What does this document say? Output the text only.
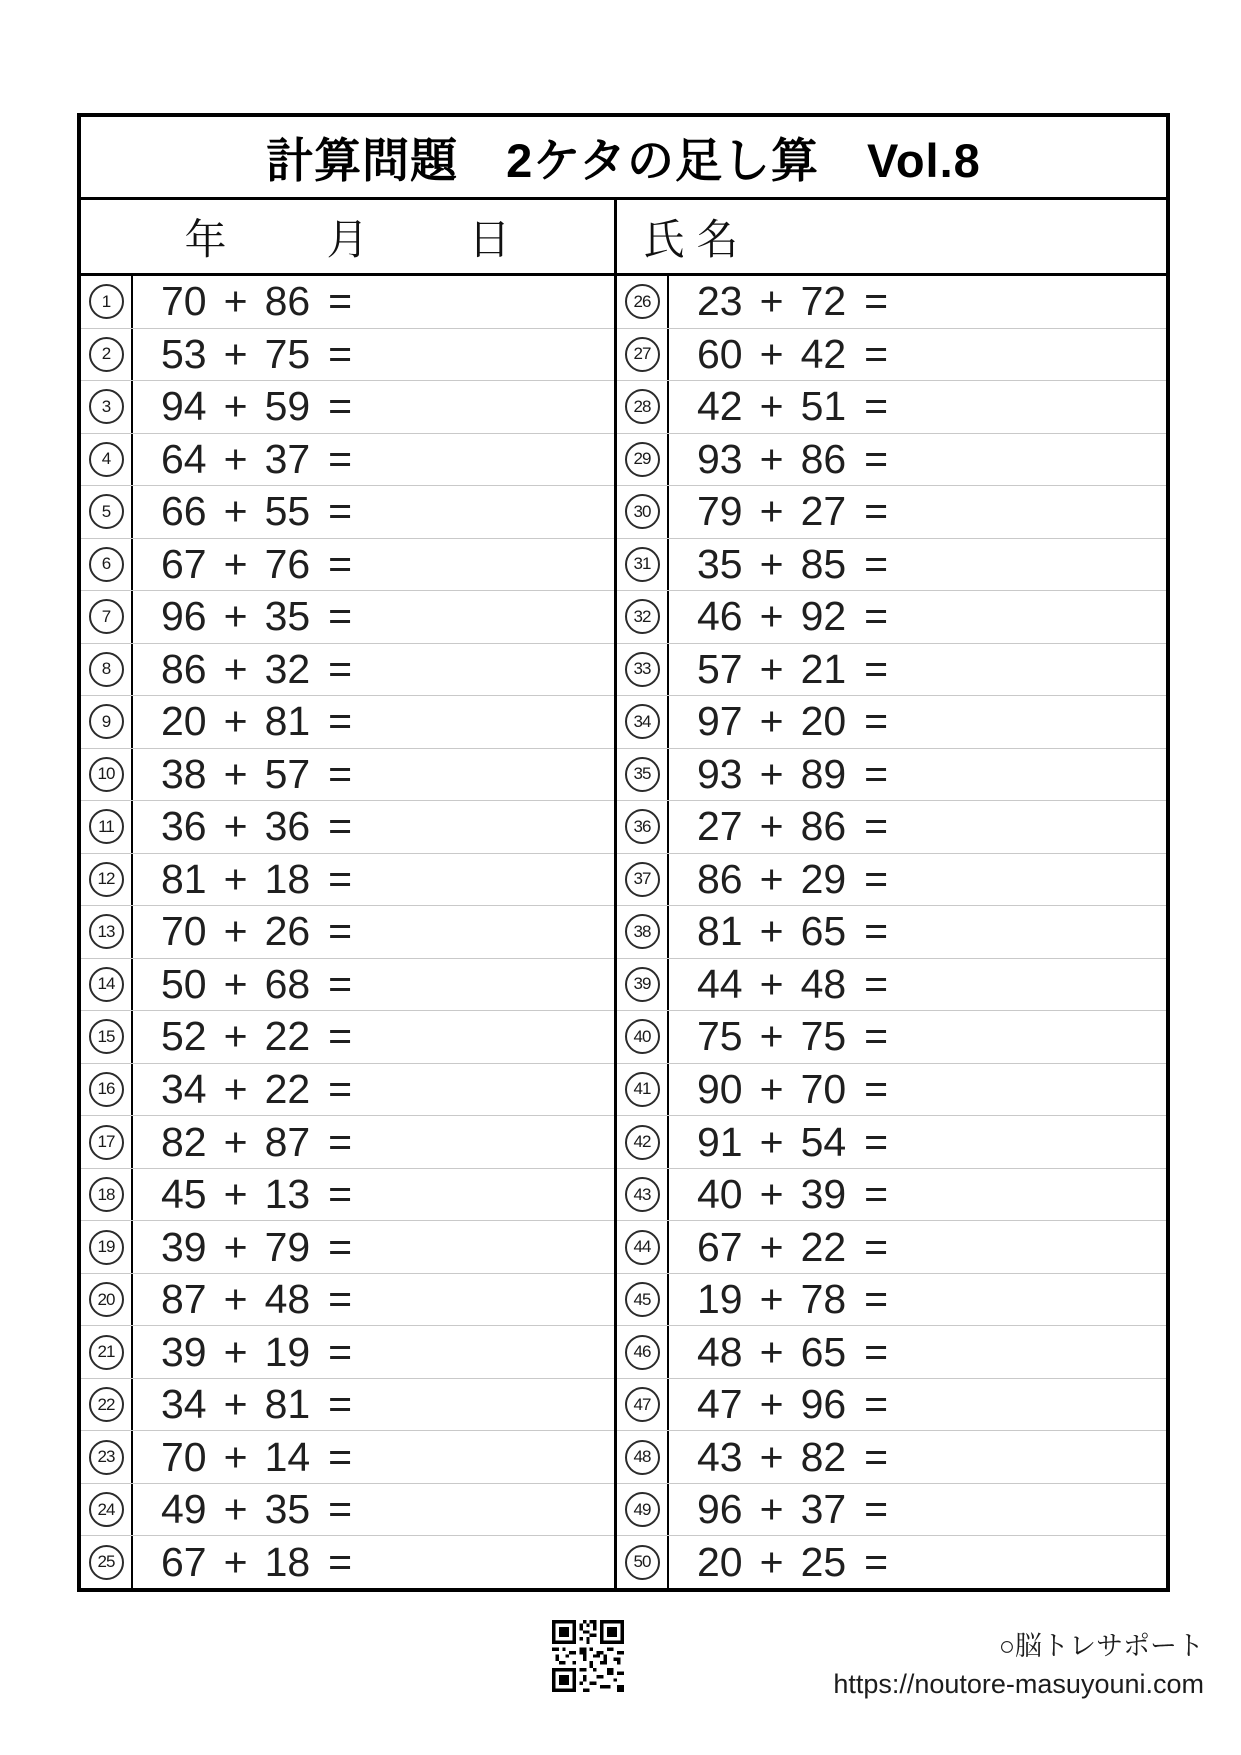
計算問題　2ケタの足し算　Vol.8
年 月 日	氏 名
1	70 + 86 =
2	53 + 75 =
3	94 + 59 =
4	64 + 37 =
5	66 + 55 =
6	67 + 76 =
7	96 + 35 =
8	86 + 32 =
9	20 + 81 =
10 38 + 57 =
11 36 + 36 =
12 81 + 18 =
13 70 + 26 =
14 50 + 68 =
15 52 + 22 =
16 34 + 22 =
17 82 + 87 =
18 45 + 13 =
19 39 + 79 =
20 87 + 48 =
21 39 + 19 =
22 34 + 81 =
23 70 + 14 =
24 49 + 35 =
25 67 + 18 =
26 23 + 72 =
27 60 + 42 =
28 42 + 51 =
29 93 + 86 =
30 79 + 27 =
31 35 + 85 =
32 46 + 92 =
33 57 + 21 =
34 97 + 20 =
35 93 + 89 =
36 27 + 86 =
37 86 + 29 =
38 81 + 65 =
39 44 + 48 =
40 75 + 75 =
41 90 + 70 =
42 91 + 54 =
43 40 + 39 =
44 67 + 22 =
45 19 + 78 =
46 48 + 65 =
47 47 + 96 =
48 43 + 82 =
49 96 + 37 =
50 20 + 25 =
○脳トレサポート
https://noutore-masuyouni.com
